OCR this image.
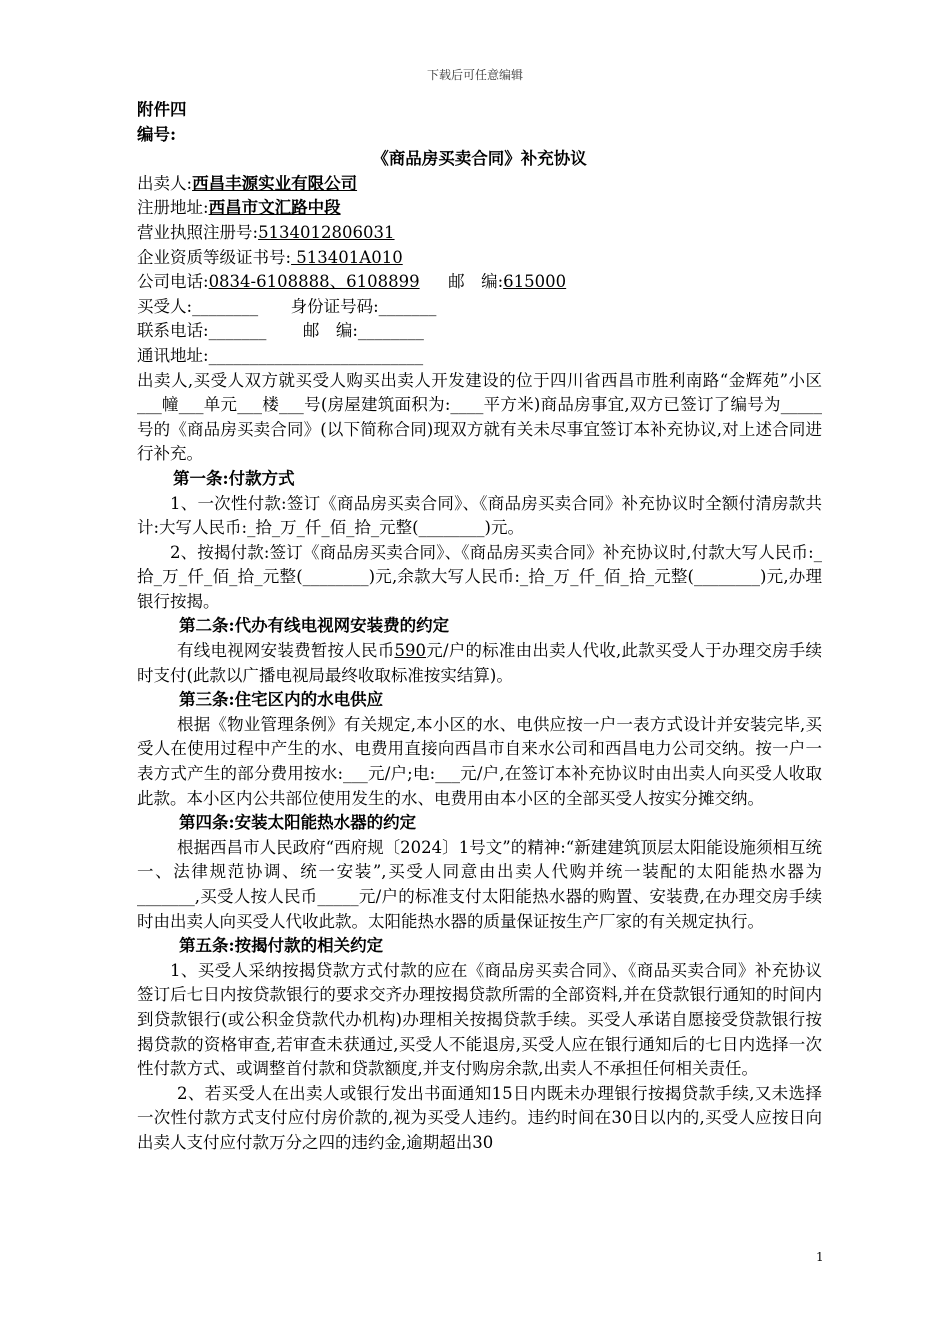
下载后可任意编辑

附件四

编号:

《商品房买卖合同》补充协议

出卖人:西昌丰源实业有限公司

注册地址:西昌市文汇路中段

营业执照注册号:5134012806031

企业资质等级证书号: 513401A010

公司电话:0834-6108888、6108899 邮　编:615000

买受人:________ 身份证号码:_______

联系电话:_______ 邮　编:________

通讯地址:__________________________

出卖人,买受人双方就买受人购买出卖人开发建设的位于四川省西昌市胜利南路“金辉苑”小区___幢___单元___楼___号(房屋建筑面积为:____平方米)商品房事宜,双方已签订了编号为_____号的《商品房买卖合同》(以下简称合同)现双方就有关未尽事宜签订本补充协议,对上述合同进行补充。

第一条:付款方式

1、一次性付款:签订《商品房买卖合同》、《商品房买卖合同》补充协议时全额付清房款共计:大写人民币:_拾_万_仟_佰_拾_元整(________)元。

2、按揭付款:签订《商品房买卖合同》、《商品房买卖合同》补充协议时,付款大写人民币:_拾_万_仟_佰_拾_元整(________)元,余款大写人民币:_拾_万_仟_佰_拾_元整(________)元,办理银行按揭。

第二条:代办有线电视网安装费的约定

有线电视网安装费暂按人民币590元/户的标准由出卖人代收,此款买受人于办理交房手续时支付(此款以广播电视局最终收取标准按实结算)。

第三条:住宅区内的水电供应

根据《物业管理条例》有关规定,本小区的水、电供应按一户一表方式设计并安装完毕,买受人在使用过程中产生的水、电费用直接向西昌市自来水公司和西昌电力公司交纳。按一户一表方式产生的部分费用按水:___元/户;电:___元/户,在签订本补充协议时由出卖人向买受人收取此款。本小区内公共部位使用发生的水、电费用由本小区的全部买受人按实分摊交纳。

第四条:安装太阳能热水器的约定

根据西昌市人民政府“西府规〔2024〕1号文”的精神:“新建建筑顶层太阳能设施须相互统一、法律规范协调、统一安装”,买受人同意由出卖人代购并统一装配的太阳能热水器为_______,买受人按人民币_____元/户的标准支付太阳能热水器的购置、安装费,在办理交房手续时由出卖人向买受人代收此款。太阳能热水器的质量保证按生产厂家的有关规定执行。

第五条:按揭付款的相关约定

1、买受人采纳按揭贷款方式付款的应在《商品房买卖合同》、《商品买卖合同》补充协议签订后七日内按贷款银行的要求交齐办理按揭贷款所需的全部资料,并在贷款银行通知的时间内到贷款银行(或公积金贷款代办机构)办理相关按揭贷款手续。买受人承诺自愿接受贷款银行按揭贷款的资格审查,若审查未获通过,买受人不能退房,买受人应在银行通知后的七日内选择一次性付款方式、或调整首付款和贷款额度,并支付购房余款,出卖人不承担任何相关责任。

2、若买受人在出卖人或银行发出书面通知15日内既未办理银行按揭贷款手续,又未选择一次性付款方式支付应付房价款的,视为买受人违约。违约时间在30日以内的,买受人应按日向出卖人支付应付款万分之四的违约金,逾期超出30

1
